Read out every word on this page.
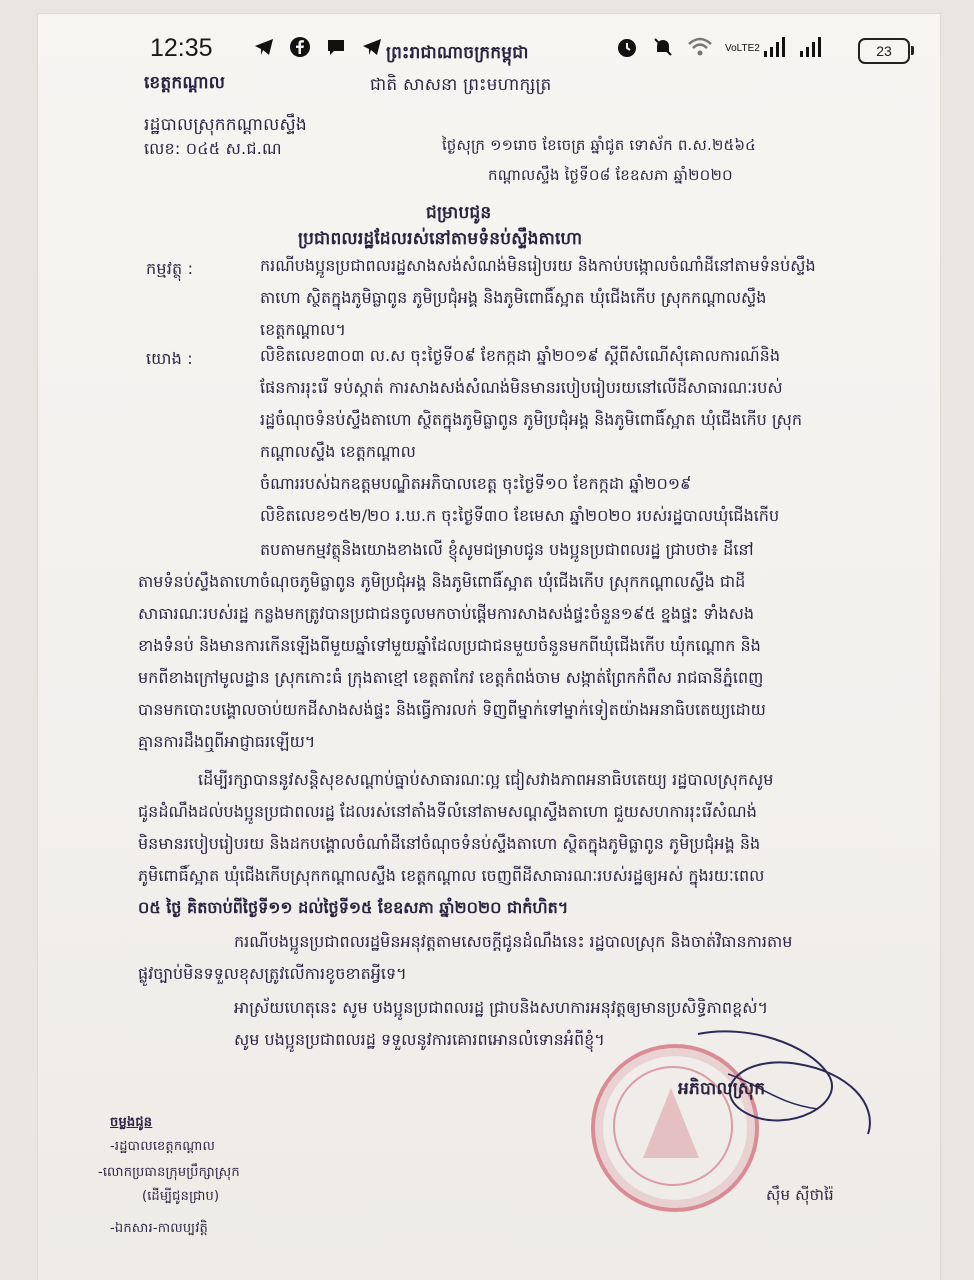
12:35	VoLTE2	23
ព្រះរាជាណាចក្រកម្ពុជា
ជាតិ សាសនា ព្រះមហាក្សត្រ
ខេត្តកណ្ដាល
រដ្ឋបាលស្រុកកណ្ដាលស្ទឹង
លេខ: ០៤៥ ស.ជ.ណ	ថ្ងៃសុក្រ ១១រោច ខែចេត្រ ឆ្នាំជូត ទោស័ក ព.ស.២៥៦៤
កណ្ដាលស្ទឹង ថ្ងៃទី០៨ ខែឧសភា ឆ្នាំ២០២០
ជម្រាបជូន
ប្រជាពលរដ្ឋដែលរស់នៅតាមទំនប់ស្ទឹងតាហោ
កម្មវត្ថុ :	ករណីបងប្អូនប្រជាពលរដ្ឋសាងសង់សំណង់មិនរៀបរយ និងកាប់បង្កោលចំណាំដីនៅតាមទំនប់ស្ទឹង
តាហោ ស្ថិតក្នុងភូមិធ្លាពូន ភូមិប្រជុំអង្គ និងភូមិពោធិ៍ស្អាត ឃុំជើងកើប ស្រុកកណ្ដាលស្ទឹង
ខេត្តកណ្ដាល។
យោង :	លិខិតលេខ៣០៣ ល.ស ចុះថ្ងៃទី០៩ ខែកក្កដា ឆ្នាំ២០១៩ ស្ដីពីសំណើសុំគោលការណ៍និង
ផែនការរុះរើ ទប់ស្កាត់ ការសាងសង់សំណង់មិនមានរបៀបរៀបរយនៅលើដីសាធារណៈរបស់
រដ្ឋចំណុចទំនប់ស្ទឹងតាហោ ស្ថិតក្នុងភូមិធ្លាពូន ភូមិប្រជុំអង្គ និងភូមិពោធិ៍ស្អាត ឃុំជើងកើប ស្រុក
កណ្ដាលស្ទឹង ខេត្តកណ្ដាល
ចំណាររបស់ឯកឧត្ដមបណ្ឌិតអភិបាលខេត្ត ចុះថ្ងៃទី១០ ខែកក្កដា ឆ្នាំ២០១៩
លិខិតលេខ១៥២/២០ រ.ឃ.ក ចុះថ្ងៃទី៣០ ខែមេសា ឆ្នាំ២០២០ របស់រដ្ឋបាលឃុំជើងកើប
តបតាមកម្មវត្ថុនិងយោងខាងលើ ខ្ញុំសូមជម្រាបជូន បងប្អូនប្រជាពលរដ្ឋ ជ្រាបថា៖ ដីនៅ
តាមទំនប់ស្ទឹងតាហោចំណុចភូមិធ្លាពូន ភូមិប្រជុំអង្គ និងភូមិពោធិ៍ស្អាត ឃុំជើងកើប ស្រុកកណ្ដាលស្ទឹង ជាដី
សាធារណៈរបស់រដ្ឋ កន្លងមកត្រូវបានប្រជាជនចូលមកចាប់ផ្ដើមការសាងសង់ផ្ទះចំនួន១៩៥ ខ្នងផ្ទះ ទាំងសង
ខាងទំនប់ និងមានការកើនឡើងពីមួយឆ្នាំទៅមួយឆ្នាំដែលប្រជាជនមួយចំនួនមកពីឃុំជើងកើប ឃុំកណ្ដោក និង
មកពីខាងក្រៅមូលដ្ឋាន ស្រុកកោះធំ ក្រុងតាខ្មៅ ខេត្តតាកែវ ខេត្តកំពង់ចាម សង្កាត់ព្រែកកំពឹស រាជធានីភ្នំពេញ
បានមកបោះបង្គោលចាប់យកដីសាងសង់ផ្ទះ និងធ្វើការលក់ ទិញពីម្នាក់ទៅម្នាក់ទៀតយ៉ាងអនាធិបតេយ្យដោយ
គ្មានការដឹងឮពីអាជ្ញាធរឡើយ។
ដើម្បីរក្សាបាននូវសន្តិសុខសណ្ដាប់ធ្នាប់សាធារណៈល្អ ជៀសវាងភាពអនាធិបតេយ្យ រដ្ឋបាលស្រុកសូម
ជូនដំណឹងដល់បងប្អូនប្រជាពលរដ្ឋ ដែលរស់នៅតាំងទីលំនៅតាមសណ្ដស្ទឹងតាហោ ជួយសហការរុះរើសំណង់
មិនមានរបៀបរៀបរយ និងដកបង្គោលចំណាំដីនៅចំណុចទំនប់ស្ទឹងតាហោ ស្ថិតក្នុងភូមិធ្លាពូន ភូមិប្រជុំអង្គ និង
ភូមិពោធិ៍ស្អាត ឃុំជើងកើបស្រុកកណ្ដាលស្ទឹង ខេត្តកណ្ដាល ចេញពីដីសាធារណៈរបស់រដ្ឋឲ្យអស់ ក្នុងរយៈពេល
០៥ ថ្ងៃ គិតចាប់ពីថ្ងៃទី១១ ដល់ថ្ងៃទី១៥ ខែឧសភា ឆ្នាំ២០២០ ជាកំហិត។
ករណីបងប្អូនប្រជាពលរដ្ឋមិនអនុវត្តតាមសេចក្ដីជូនដំណឹងនេះ រដ្ឋបាលស្រុក និងចាត់វិធានការតាម
ផ្លូវច្បាប់មិនទទួលខុសត្រូវលើការខូចខាតអ្វីទេ។
អាស្រ័យហេតុនេះ សូម បងប្អូនប្រជាពលរដ្ឋ ជ្រាបនិងសហការអនុវត្តឲ្យមានប្រសិទ្ធិភាពខ្ពស់។
សូម បងប្អូនប្រជាពលរដ្ឋ ទទួលនូវការគោរពអោនលំទោនអំពីខ្ញុំ។
អភិបាលស្រុក
ស៊ឹម ស៊ីថារ៉ៃ
ចម្លងជូន
-រដ្ឋបាលខេត្តកណ្ដាល
-លោកប្រធានក្រុមប្រឹក្សាស្រុក
(ដើម្បីជូនជ្រាប)
-ឯកសារ-កាលប្បវត្តិ
